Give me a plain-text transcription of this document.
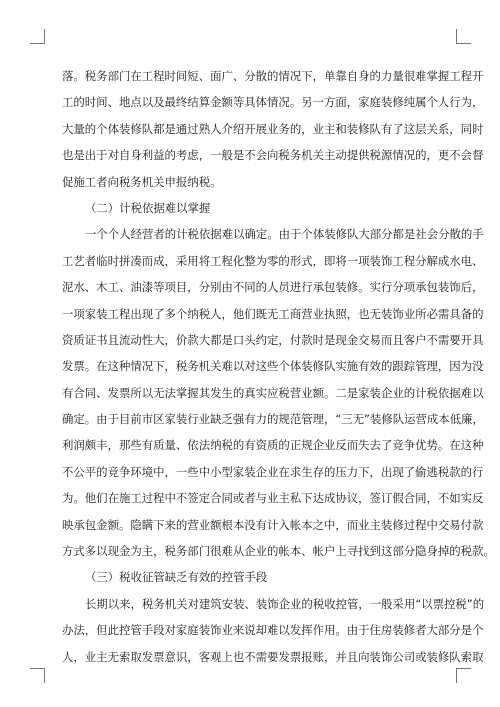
落。税务部门在工程时间短、面广、分散的情况下，单靠自身的力量很难掌握工程开
工的时间、地点以及最终结算金额等具体情况。另一方面，家庭装修纯属个人行为，
大量的个体装修队都是通过熟人介绍开展业务的，业主和装修队有了这层关系，同时
也是出于对自身利益的考虑，一般是不会向税务机关主动提供税源情况的，更不会督
促施工者向税务机关申报纳税。
（二）计税依据难以掌握
一个个人经营者的计税依据难以确定。由于个体装修队大部分都是社会分散的手
工艺者临时拼凑而成，采用将工程化整为零的形式，即将一项装饰工程分解成水电、
泥水、木工、油漆等项目，分别由不同的人员进行承包装修。实行分项承包装饰后，
一项家装工程出现了多个纳税人，他们既无工商营业执照，也无装饰业所必需具备的
资质证书且流动性大，价款大都是口头约定，付款时是现金交易而且客户不需要开具
发票。在这种情况下，税务机关难以对这些个体装修队实施有效的跟踪管理，因为没
有合同、发票所以无法掌握其发生的真实应税营业额。二是家装企业的计税依据难以
确定。由于目前市区家装行业缺乏强有力的规范管理，“三无”装修队运营成本低廉，
利润颇丰，那些有质量、依法纳税的有资质的正规企业反而失去了竞争优势。在这种
不公平的竞争环境中，一些中小型家装企业在求生存的压力下，出现了偷逃税款的行
为。他们在施工过程中不签定合同或者与业主私下达成协议，签订假合同，不如实反
映承包金额。隐瞒下来的营业额根本没有计入帐本之中，而业主装修过程中交易付款
方式多以现金为主，税务部门很难从企业的帐本、帐户上寻找到这部分隐身掉的税款。
（三）税收征管缺乏有效的控管手段
长期以来，税务机关对建筑安装、装饰企业的税收控管，一般采用“以票控税”的
办法，但此控管手段对家庭装饰业来说却难以发挥作用。由于住房装修者大部分是个
人，业主无索取发票意识，客观上也不需要发票报账，并且向装饰公司或装修队索取
